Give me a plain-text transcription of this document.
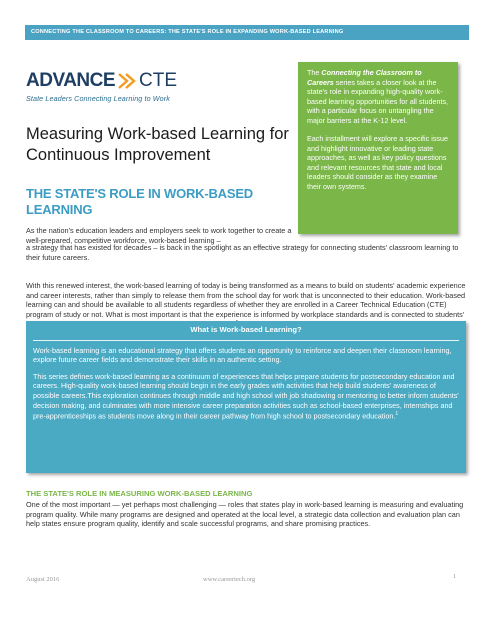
CONNECTING THE CLASSROOM TO CAREERS: THE STATE'S ROLE IN EXPANDING WORK-BASED LEARNING
ADVANCE CTE
State Leaders Connecting Learning to Work
Measuring Work-based Learning for Continuous Improvement

The Connecting the Classroom to Careers series takes a closer look at the state's role in expanding high-quality work-based learning opportunities for all students, with a particular focus on untangling the major barriers at the K-12 level.

Each installment will explore a specific issue and highlight innovative or leading state approaches, as well as key policy questions and relevant resources that state and local leaders should consider as they examine their own systems.

THE STATE'S ROLE IN WORK-BASED LEARNING

As the nation's education leaders and employers seek to work together to create a well-prepared, competitive workforce, work-based learning –

a strategy that has existed for decades – is back in the spotlight as an effective strategy for connecting students' classroom learning to their future careers.

With this renewed interest, the work-based learning of today is being transformed as a means to build on students' academic experience and career interests, rather than simply to release them from the school day for work that is unconnected to their education. Work-based learning can and should be available to all students regardless of whether they are enrolled in a Career Technical Education (CTE) program of study or not. What is most important is that the experience is informed by workplace standards and is connected to students'

What is Work-based Learning?

Work-based learning is an educational strategy that offers students an opportunity to reinforce and deepen their classroom learning, explore future career fields and demonstrate their skills in an authentic setting.

This series defines work-based learning as a continuum of experiences that helps prepare students for postsecondary education and careers. High-quality work-based learning should begin in the early grades with activities that help build students' awareness of possible careers.This exploration continues through middle and high school with job shadowing or mentoring to better inform students' decision making, and culminates with more intensive career preparation activities such as school-based enterprises, internships and pre-apprenticeships as students move along in their career pathway from high school to postsecondary education.$^1$

THE STATE'S ROLE IN MEASURING WORK-BASED LEARNING

One of the most important — yet perhaps most challenging — roles that states play in work-based learning is measuring and evaluating program quality. While many programs are designed and operated at the local level, a strategic data collection and evaluation plan can help states ensure program quality, identify and scale successful programs, and share promising practices.

August 2016	www.careertech.org	1
